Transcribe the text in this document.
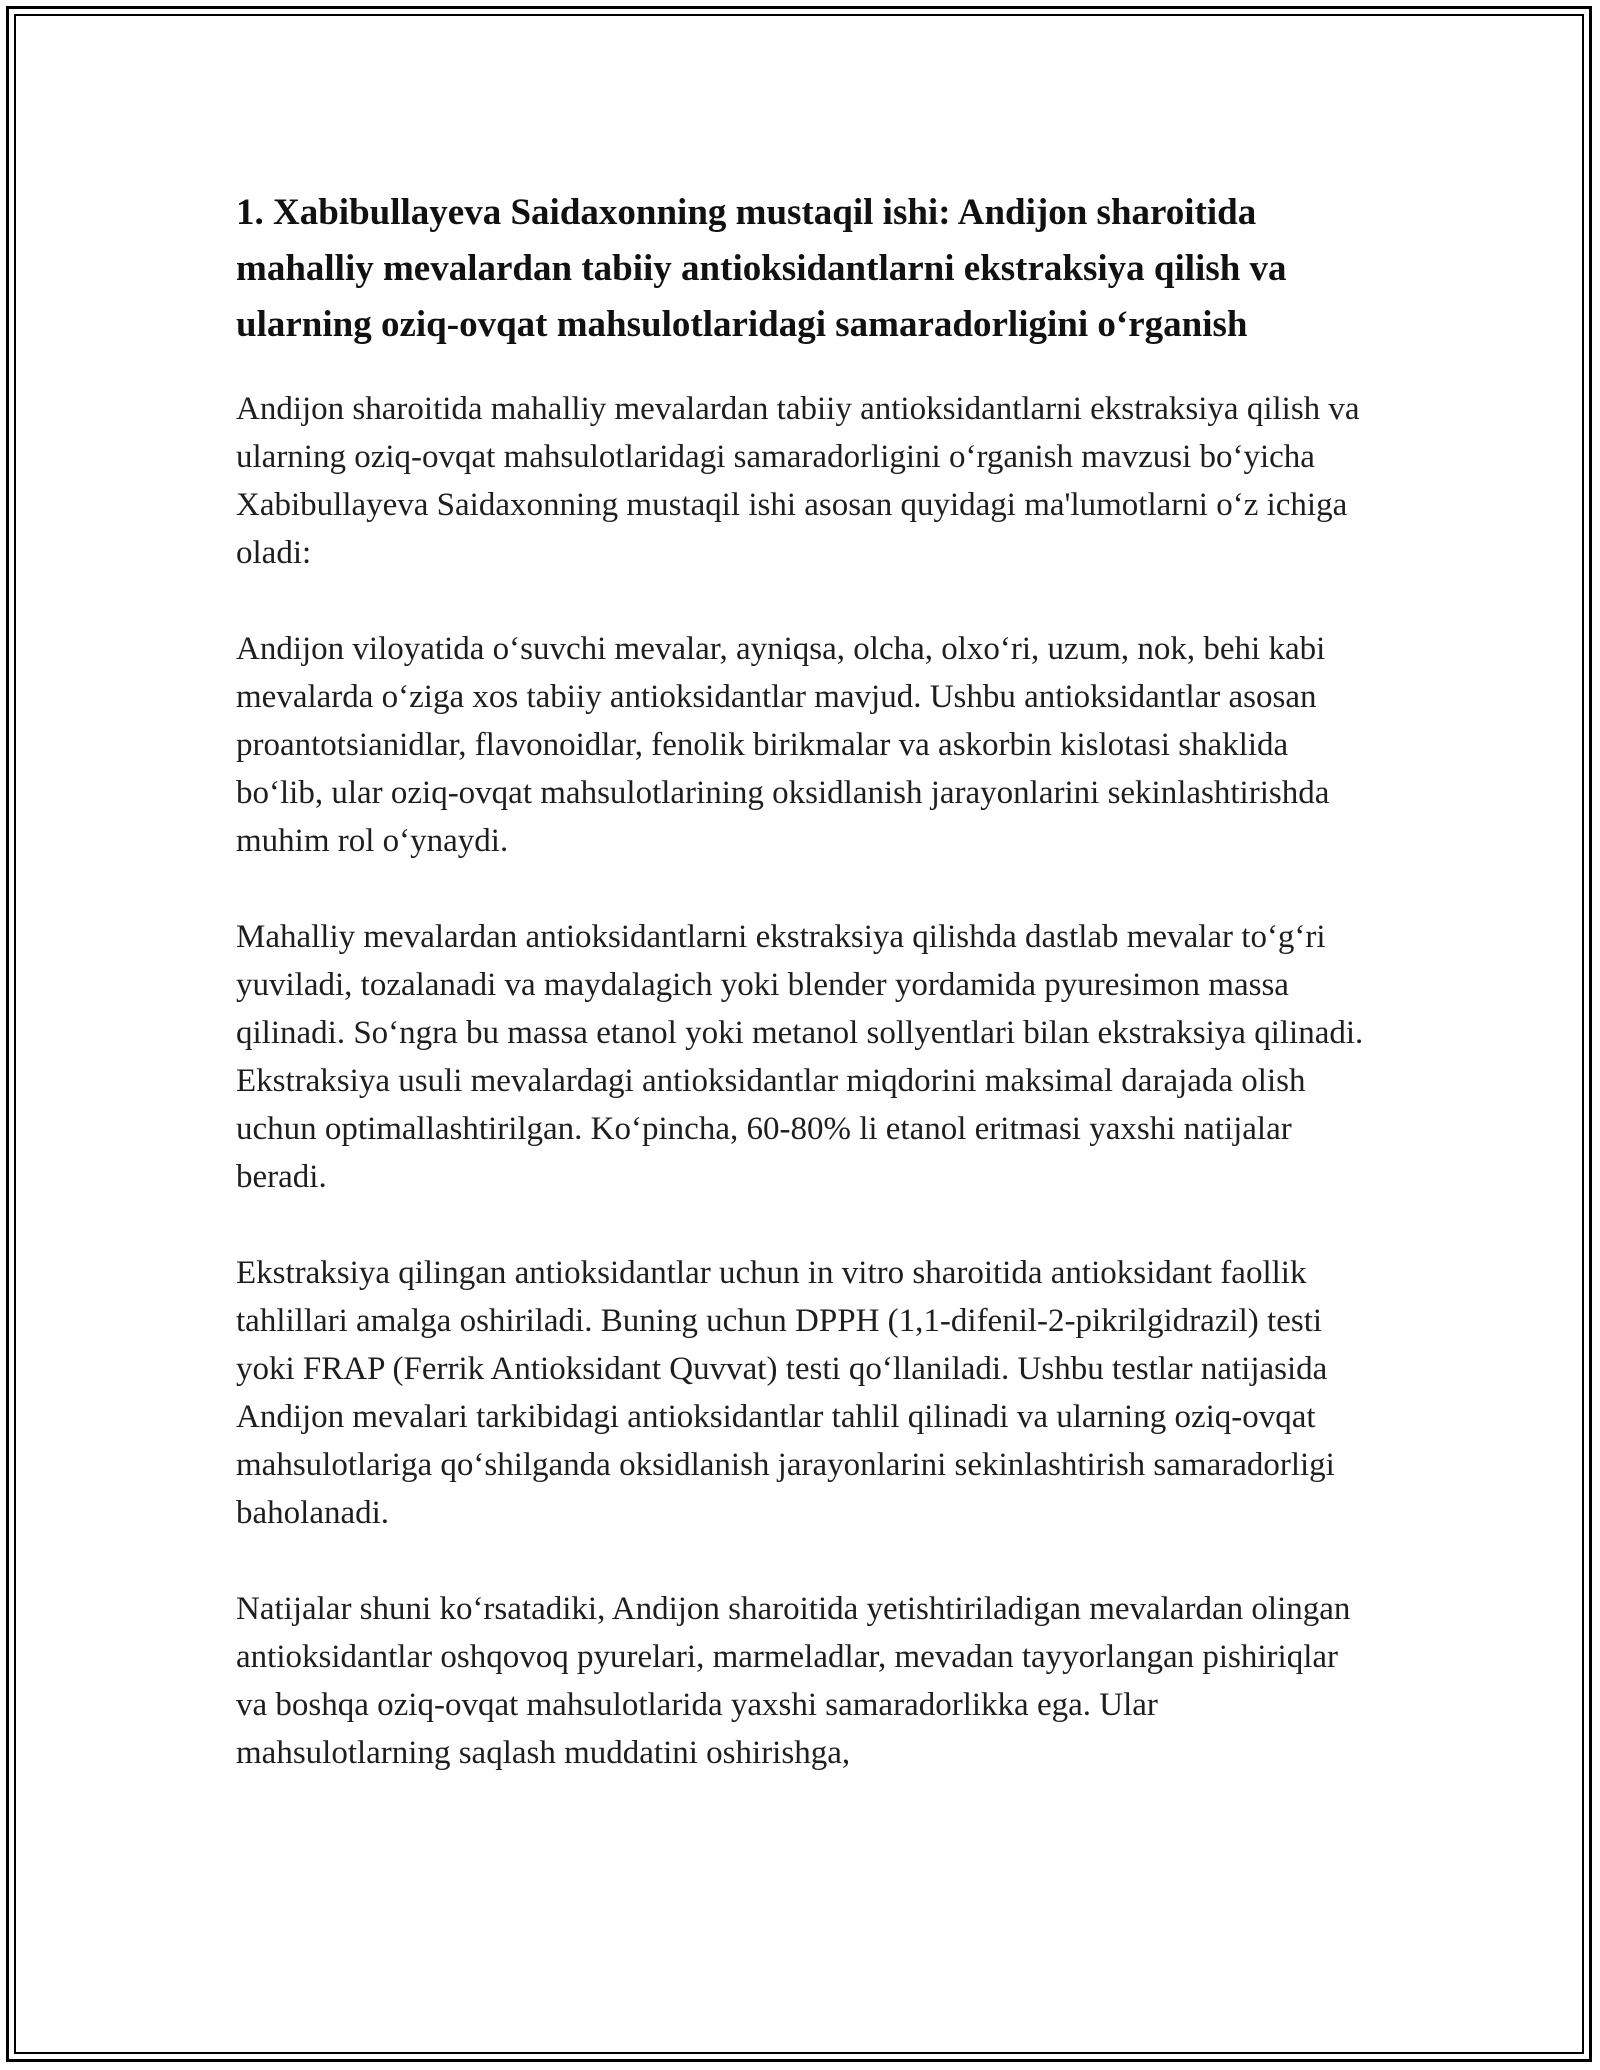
1. Xabibullayeva Saidaxonning mustaqil ishi: Andijon sharoitida mahalliy mevalardan tabiiy antioksidantlarni ekstraksiya qilish va ularning oziq-ovqat mahsulotlaridagi samaradorligini o‘rganish

Andijon sharoitida mahalliy mevalardan tabiiy antioksidantlarni ekstraksiya qilish va ularning oziq-ovqat mahsulotlaridagi samaradorligini o‘rganish mavzusi bo‘yicha Xabibullayeva Saidaxonning mustaqil ishi asosan quyidagi ma'lumotlarni o‘z ichiga oladi:

Andijon viloyatida o‘suvchi mevalar, ayniqsa, olcha, olxo‘ri, uzum, nok, behi kabi mevalarda o‘ziga xos tabiiy antioksidantlar mavjud. Ushbu antioksidantlar asosan proantotsianidlar, flavonoidlar, fenolik birikmalar va askorbin kislotasi shaklida bo‘lib, ular oziq-ovqat mahsulotlarining oksidlanish jarayonlarini sekinlashtirishda muhim rol o‘ynaydi.

Mahalliy mevalardan antioksidantlarni ekstraksiya qilishda dastlab mevalar to‘g‘ri yuviladi, tozalanadi va maydalagich yoki blender yordamida pyuresimon massa qilinadi. So‘ngra bu massa etanol yoki metanol sollyentlari bilan ekstraksiya qilinadi. Ekstraksiya usuli mevalardagi antioksidantlar miqdorini maksimal darajada olish uchun optimallashtirilgan. Ko‘pincha, 60-80% li etanol eritmasi yaxshi natijalar beradi.

Ekstraksiya qilingan antioksidantlar uchun in vitro sharoitida antioksidant faollik tahlillari amalga oshiriladi. Buning uchun DPPH (1,1-difenil-2-pikrilgidrazil) testi yoki FRAP (Ferrik Antioksidant Quvvat) testi qo‘llaniladi. Ushbu testlar natijasida Andijon mevalari tarkibidagi antioksidantlar tahlil qilinadi va ularning oziq-ovqat mahsulotlariga qo‘shilganda oksidlanish jarayonlarini sekinlashtirish samaradorligi baholanadi.

Natijalar shuni ko‘rsatadiki, Andijon sharoitida yetishtiriladigan mevalardan olingan antioksidantlar oshqovoq pyurelari, marmeladlar, mevadan tayyorlangan pishiriqlar va boshqa oziq-ovqat mahsulotlarida yaxshi samaradorlikka ega. Ular mahsulotlarning saqlash muddatini oshirishga,
